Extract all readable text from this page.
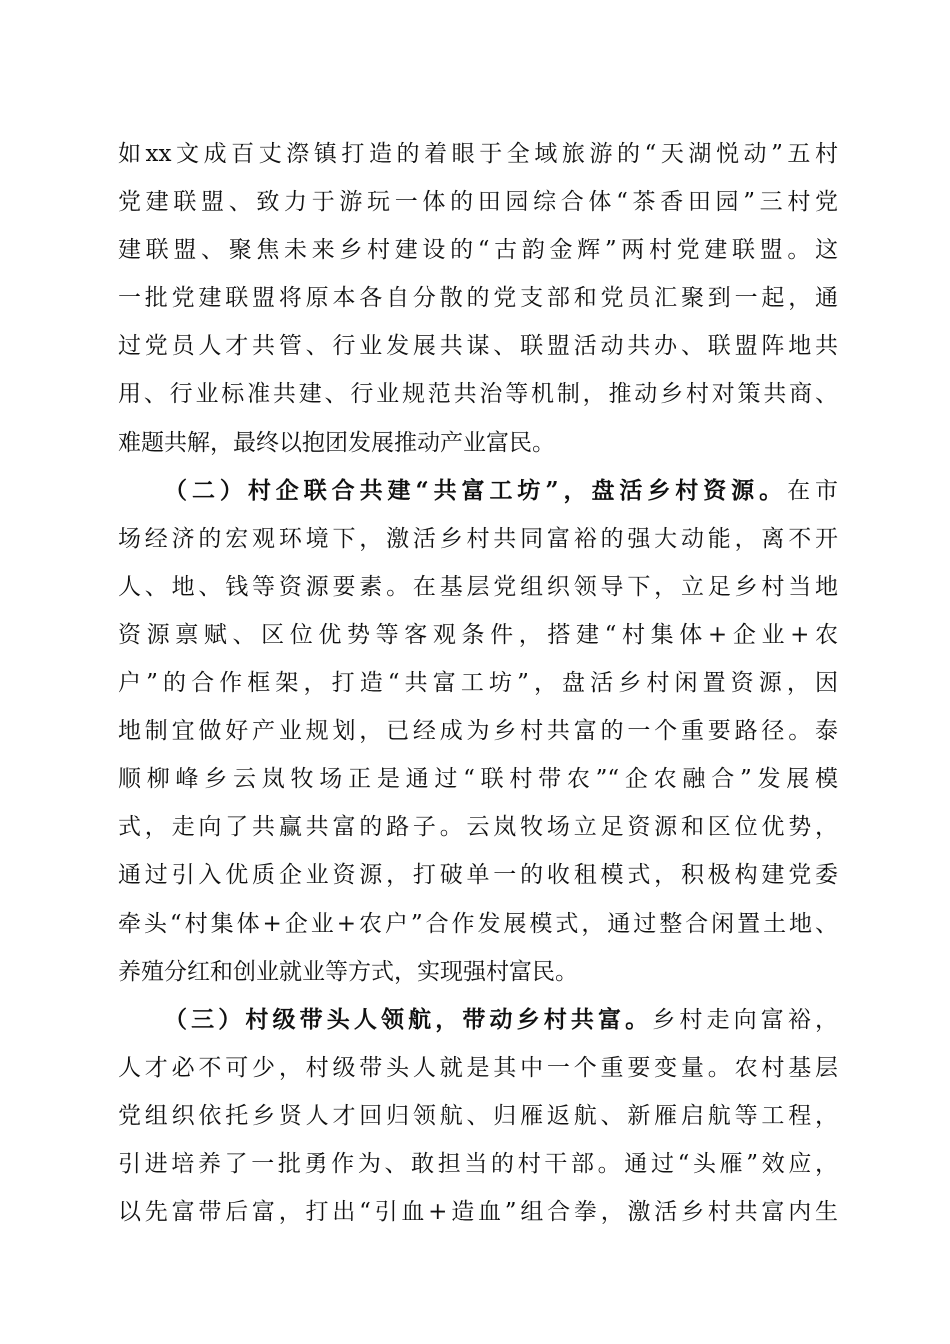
如xx文成百丈漈镇打造的着眼于全域旅游的“天湖悦动”五村
党建联盟、致力于游玩一体的田园综合体“茶香田园”三村党
建联盟、聚焦未来乡村建设的“古韵金辉”两村党建联盟。这
一批党建联盟将原本各自分散的党支部和党员汇聚到一起，通
过党员人才共管、行业发展共谋、联盟活动共办、联盟阵地共
用、行业标准共建、行业规范共治等机制，推动乡村对策共商、
难题共解，最终以抱团发展推动产业富民。
（二）村企联合共建“共富工坊”，盘活乡村资源。在市
场经济的宏观环境下，激活乡村共同富裕的强大动能，离不开
人、地、钱等资源要素。在基层党组织领导下，立足乡村当地
资源禀赋、区位优势等客观条件，搭建“村集体+企业+农
户”的合作框架，打造“共富工坊”，盘活乡村闲置资源，因
地制宜做好产业规划，已经成为乡村共富的一个重要路径。泰
顺柳峰乡云岚牧场正是通过“联村带农”“企农融合”发展模
式，走向了共赢共富的路子。云岚牧场立足资源和区位优势，
通过引入优质企业资源，打破单一的收租模式，积极构建党委
牵头“村集体+企业+农户”合作发展模式，通过整合闲置土地、
养殖分红和创业就业等方式，实现强村富民。
（三）村级带头人领航，带动乡村共富。乡村走向富裕，
人才必不可少，村级带头人就是其中一个重要变量。农村基层
党组织依托乡贤人才回归领航、归雁返航、新雁启航等工程，
引进培养了一批勇作为、敢担当的村干部。通过“头雁”效应，
以先富带后富，打出“引血+造血”组合拳，激活乡村共富内生
